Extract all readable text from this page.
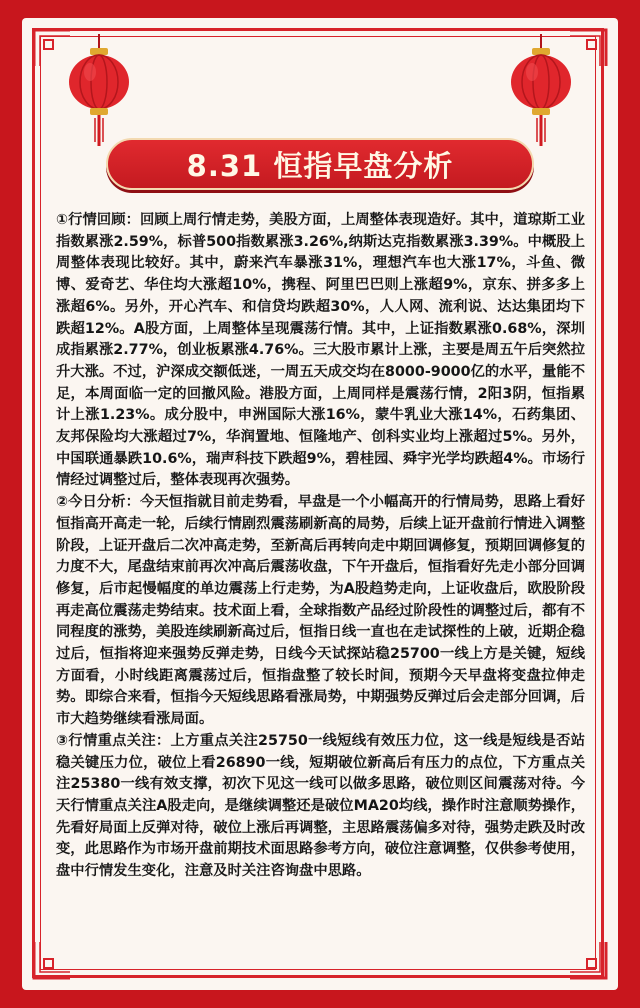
8.31 恒指早盘分析

①行情回顾：回顾上周行情走势，美股方面，上周整体表现造好。其中，道琼斯工业指数累涨2.59%，标普500指数累涨3.26%,纳斯达克指数累涨3.39%。中概股上周整体表现比较好。其中，蔚来汽车暴涨31%，理想汽车也大涨17%，斗鱼、微博、爱奇艺、华住均大涨超10%，携程、阿里巴巴则上涨超9%，京东、拼多多上涨超6%。另外，开心汽车、和信贷均跌超30%，人人网、流利说、达达集团均下跌超12%。A股方面，上周整体呈现震荡行情。其中，上证指数累涨0.68%，深圳成指累涨2.77%，创业板累涨4.76%。三大股市累计上涨，主要是周五午后突然拉升大涨。不过，沪深成交额低迷，一周五天成交均在8000-9000亿的水平，量能不足，本周面临一定的回撤风险。港股方面，上周同样是震荡行情，2阳3阴，恒指累计上涨1.23%。成分股中，申洲国际大涨16%，蒙牛乳业大涨14%，石药集团、友邦保险均大涨超过7%，华润置地、恒隆地产、创科实业均上涨超过5%。另外，中国联通暴跌10.6%，瑞声科技下跌超9%，碧桂园、舜宇光学均跌超4%。市场行情经过调整过后，整体表现再次强势。

②今日分析：今天恒指就目前走势看，早盘是一个小幅高开的行情局势，思路上看好恒指高开高走一轮，后续行情剧烈震荡刷新高的局势，后续上证开盘前行情进入调整阶段，上证开盘后二次冲高走势，至新高后再转向走中期回调修复，预期回调修复的力度不大，尾盘结束前再次冲高后震荡收盘，下午开盘后，恒指看好先走小部分回调修复，后市起慢幅度的单边震荡上行走势，为A股趋势走向，上证收盘后，欧股阶段再走高位震荡走势结束。技术面上看，全球指数产品经过阶段性的调整过后，都有不同程度的涨势，美股连续刷新高过后，恒指日线一直也在走试探性的上破，近期企稳过后，恒指将迎来强势反弹走势，日线今天试探站稳25700一线上方是关键，短线方面看，小时线距离震荡过后，恒指盘整了较长时间，预期今天早盘将变盘拉伸走势。即综合来看，恒指今天短线思路看涨局势，中期强势反弹过后会走部分回调，后市大趋势继续看涨局面。

③行情重点关注：上方重点关注25750一线短线有效压力位，这一线是短线是否站稳关键压力位，破位上看26890一线，短期破位新高后有压力的点位，下方重点关注25380一线有效支撑，初次下见这一线可以做多思路，破位则区间震荡对待。今天行情重点关注A股走向，是继续调整还是破位MA20均线，操作时注意顺势操作，先看好局面上反弹对待，破位上涨后再调整，主思路震荡偏多对待，强势走跌及时改变，此思路作为市场开盘前期技术面思路参考方向，破位注意调整，仅供参考使用，盘中行情发生变化，注意及时关注咨询盘中思路。
